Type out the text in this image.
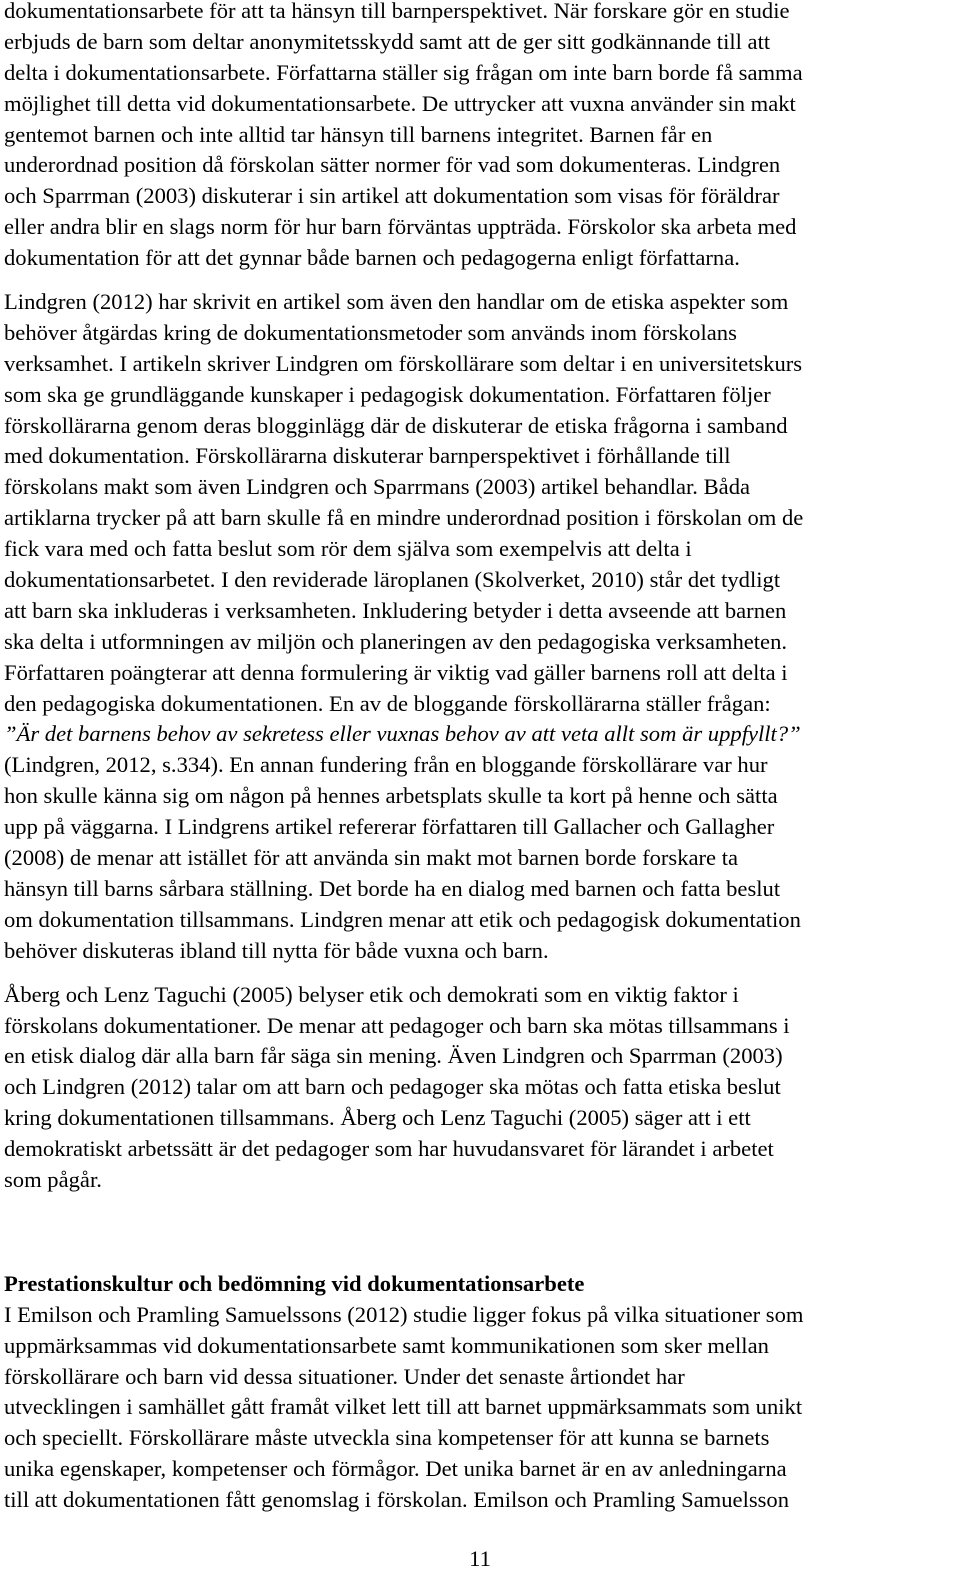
dokumentationsarbete för att ta hänsyn till barnperspektivet. När forskare gör en studie
erbjuds de barn som deltar anonymitetsskydd samt att de ger sitt godkännande till att
delta i dokumentationsarbete. Författarna ställer sig frågan om inte barn borde få samma
möjlighet till detta vid dokumentationsarbete. De uttrycker att vuxna använder sin makt
gentemot barnen och inte alltid tar hänsyn till barnens integritet. Barnen får en
underordnad position då förskolan sätter normer för vad som dokumenteras. Lindgren
och Sparrman (2003) diskuterar i sin artikel att dokumentation som visas för föräldrar
eller andra blir en slags norm för hur barn förväntas uppträda. Förskolor ska arbeta med
dokumentation för att det gynnar både barnen och pedagogerna enligt författarna.
Lindgren (2012) har skrivit en artikel som även den handlar om de etiska aspekter som
behöver åtgärdas kring de dokumentationsmetoder som används inom förskolans
verksamhet. I artikeln skriver Lindgren om förskollärare som deltar i en universitetskurs
som ska ge grundläggande kunskaper i pedagogisk dokumentation. Författaren följer
förskollärarna genom deras blogginlägg där de diskuterar de etiska frågorna i samband
med dokumentation. Förskollärarna diskuterar barnperspektivet i förhållande till
förskolans makt som även Lindgren och Sparrmans (2003) artikel behandlar. Båda
artiklarna trycker på att barn skulle få en mindre underordnad position i förskolan om de
fick vara med och fatta beslut som rör dem själva som exempelvis att delta i
dokumentationsarbetet. I den reviderade läroplanen (Skolverket, 2010) står det tydligt
att barn ska inkluderas i verksamheten. Inkludering betyder i detta avseende att barnen
ska delta i utformningen av miljön och planeringen av den pedagogiska verksamheten.
Författaren poängterar att denna formulering är viktig vad gäller barnens roll att delta i
den pedagogiska dokumentationen. En av de bloggande förskollärarna ställer frågan:
”Är det barnens behov av sekretess eller vuxnas behov av att veta allt som är uppfyllt?”
(Lindgren, 2012, s.334). En annan fundering från en bloggande förskollärare var hur
hon skulle känna sig om någon på hennes arbetsplats skulle ta kort på henne och sätta
upp på väggarna. I Lindgrens artikel refererar författaren till Gallacher och Gallagher
(2008) de menar att istället för att använda sin makt mot barnen borde forskare ta
hänsyn till barns sårbara ställning. Det borde ha en dialog med barnen och fatta beslut
om dokumentation tillsammans. Lindgren menar att etik och pedagogisk dokumentation
behöver diskuteras ibland till nytta för både vuxna och barn.
Åberg och Lenz Taguchi (2005) belyser etik och demokrati som en viktig faktor i
förskolans dokumentationer. De menar att pedagoger och barn ska mötas tillsammans i
en etisk dialog där alla barn får säga sin mening. Även Lindgren och Sparrman (2003)
och Lindgren (2012) talar om att barn och pedagoger ska mötas och fatta etiska beslut
kring dokumentationen tillsammans. Åberg och Lenz Taguchi (2005) säger att i ett
demokratiskt arbetssätt är det pedagoger som har huvudansvaret för lärandet i arbetet
som pågår.
Prestationskultur och bedömning vid dokumentationsarbete
I Emilson och Pramling Samuelssons (2012) studie ligger fokus på vilka situationer som
uppmärksammas vid dokumentationsarbete samt kommunikationen som sker mellan
förskollärare och barn vid dessa situationer. Under det senaste årtiondet har
utvecklingen i samhället gått framåt vilket lett till att barnet uppmärksammats som unikt
och speciellt. Förskollärare måste utveckla sina kompetenser för att kunna se barnets
unika egenskaper, kompetenser och förmågor. Det unika barnet är en av anledningarna
till att dokumentationen fått genomslag i förskolan. Emilson och Pramling Samuelsson
11
